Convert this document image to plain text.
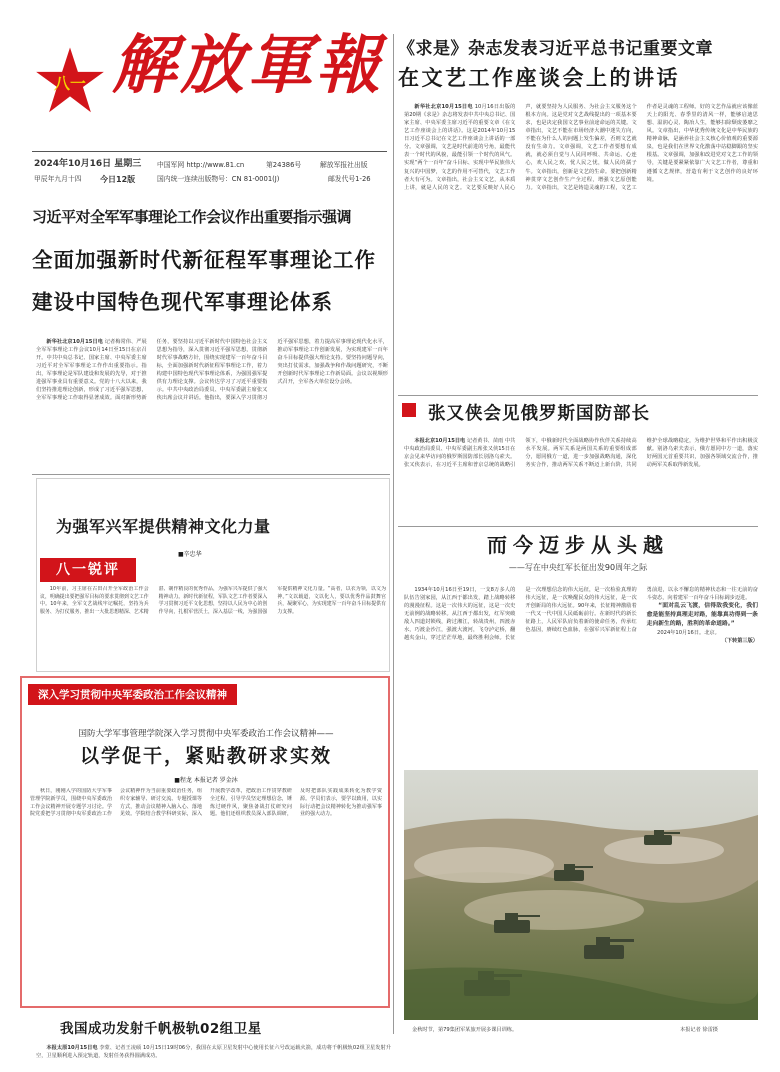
八一 解放軍報
2024年10月16日 星期三
甲辰年九月十四 今日12版
中国军网 http://www.81.cn	第24386号	解放军报社出版
国内统一连续出版物号：CN 81-0001(J)	邮发代号1-26
《求是》杂志发表习近平总书记重要文章
在文艺工作座谈会上的讲话
新华社北京10月15日电 10月16日出版的第20期《求是》杂志将发表中共中央总书记、国家主席、中央军委主席习近平的重要文章《在文艺工作座谈会上的讲话》。这是2014年10月15日习近平总书记在文艺工作座谈会上讲话的一部分。文章强调，文艺是时代前进的号角，最能代表一个时代的风貌，最能引领一个时代的风气。实现“两个一百年”奋斗目标、实现中华民族伟大复兴的中国梦，文艺的作用不可替代，文艺工作者大有可为。文章指出，社会主义文艺，从本质上讲，就是人民的文艺。文艺要反映好人民心声，就要坚持为人民服务、为社会主义服务这个根本方向。这是党对文艺战线提出的一项基本要求，也是决定我国文艺事业前途命运的关键。文章指出，文艺不能在市场经济大潮中迷失方向，不能在为什么人的问题上发生偏差，否则文艺就没有生命力。文章强调，文艺工作者要想有成就，就必须自觉与人民同呼吸、共命运、心连心，欢人民之欢，忧人民之忧，做人民的孺子牛。文章指出，创新是文艺的生命。要把创新精神贯穿文艺创作生产全过程，增强文艺原创能力。文章指出，文艺是铸造灵魂的工程，文艺工作者是灵魂的工程师。好的文艺作品就应该像蓝天上的阳光、春季里的清风一样，能够启迪思想、温润心灵、陶冶人生，能够扫除颓废萎靡之风。文章指出，中华优秀传统文化是中华民族的精神命脉，是涵养社会主义核心价值观的重要源泉，也是我们在世界文化激荡中站稳脚跟的坚实根基。文章强调，加强和改进党对文艺工作的领导，关键是要紧紧依靠广大文艺工作者，尊重和遵循文艺规律，营造有利于文艺创作的良好环境。
习近平对全军军事理论工作会议作出重要指示强调
全面加强新时代新征程军事理论工作
建设中国特色现代军事理论体系
新华社北京10月15日电 记者梅常伟、严展 全军军事理论工作会议10月14日至15日在京召开。中共中央总书记、国家主席、中央军委主席习近平对全军军事理论工作作出重要指示。指出，军事理论是军队建设和发展的先导，对于推进强军事业具有重要意义。党的十八大以来，我们坚持推进理论创新，形成了习近平强军思想，全军军事理论工作取得显著成效。面对新形势新任务，要坚持以习近平新时代中国特色社会主义思想为指导，深入贯彻习近平强军思想，贯彻新时代军事战略方针，围绕实现建军一百年奋斗目标，全面加强新时代新征程军事理论工作，着力构建中国特色现代军事理论体系，为强国强军提供有力理论支撑。会议传达学习了习近平重要指示。中共中央政治局委员、中央军委副主席张又侠出席会议并讲话。他指出，要深入学习贯彻习近平强军思想，着力提高军事理论现代化水平，推动军事理论工作创新发展，为实现建军一百年奋斗目标提供强大理论支持。要坚持问题导向，突出打仗需求，加强战争和作战问题研究，不断开创新时代军事理论工作新局面。会议以视频形式召开，全军各大单位设分会场。
张又侠会见俄罗斯国防部长
本报北京10月15日电 记者黄书、苗雨 中共中央政治局委员、中央军委副主席张又侠15日在京会见来华访问的俄罗斯国防部长别洛乌索夫。张又侠表示，在习近平主席和普京总统的战略引领下，中俄新时代全面战略协作伙伴关系持续高水平发展。两军关系是两国关系的重要组成部分，愿同俄方一道，进一步加强战略沟通，深化务实合作，推动两军关系不断迈上新台阶，共同维护全球战略稳定，为维护世界和平作出积极贡献。别洛乌索夫表示，俄方愿同中方一道，落实好两国元首重要共识，加强各领域交流合作，推动两军关系取得新发展。
为强军兴军提供精神文化力量
■辛忠华
八一锐评
10年前，习主席在古田召开全军政治工作会议，明确提出要把强军目标的要求贯彻到文艺工作中。10年来，全军文艺战线牢记嘱托，坚持为兵服务、为打仗服务，推出一大批思想精深、艺术精湛、制作精良的优秀作品，为强军兴军提供了强大精神动力。新时代新征程，军队文艺工作者要深入学习贯彻习近平文化思想，坚持以人民为中心的创作导向，扎根军营沃土，深入基层一线，为强国强军提供精神文化力量。“高者，以衣为领，以文为神。”文以载道，文以化人，要以优秀作品鼓舞官兵，凝聚军心，为实现建军一百年奋斗目标提供有力支撑。
深入学习贯彻中央军委政治工作会议精神
国防大学军事管理学院深入学习贯彻中央军委政治工作会议精神——
以学促干，紧贴教研求实效
■程龙 本报记者 罗金沐
秋日，刚刚入学的国防大学军事管理学院新学员，围绕中央军委政治工作会议精神开展专题学习讨论。学院党委把学习贯彻中央军委政治工作会议精神作为当前重要政治任务，组织专家辅导、研讨交流、专题授课等方式，推动会议精神入脑入心、落地见效。学院结合教学科研实际，深入开展教学改革，把政治工作贯穿教研全过程，引导学员坚定理想信念，锤炼过硬作风，聚焦备战打仗研究问题。他们还组织教员深入部队调研，及时把部队实践成果转化为教学资源。学员们表示，要学以致用，以实际行动把会议精神转化为推动强军事业的强大动力。
我国成功发射千帆极轨02组卫星
本报太原10月15日电 李蒙、记者王凌硕 10月15日19时06分，我国在太原卫星发射中心使用长征六号改运载火箭，成功将千帆极轨02组卫星发射升空，卫星顺利进入预定轨道，发射任务获得圆满成功。
而今迈步从头越
——写在中央红军长征出发90周年之际
1934年10月16日至19日，一支8万多人的队伍告别家园，从江西于都出发，踏上战略转移的漫漫征程。这是一次伟大的远征，这是一次史无前例的战略转移。从江西于都出发，红军突破敌人四道封锁线，跨过湘江，转战贵州，四渡赤水，巧渡金沙江，强渡大渡河，飞夺泸定桥，翻越夹金山，穿过茫茫草地，最终胜利会师。长征是一次理想信念的伟大远征，是一次检验真理的伟大远征，是一次唤醒民众的伟大远征，是一次开创新局的伟大远征。90年来，长征精神激励着一代又一代中国人民砥砺前行。在新时代的新长征路上，人民军队肩负着新的使命任务，传承红色基因，赓续红色血脉，在强军兴军新征程上奋勇前进，以永不懈怠的精神状态和一往无前的奋斗姿态，向着建军一百年奋斗目标阔步迈进。
“面对乱云飞渡，信得敌我变化，我们愈是能坚持真理走对路，能靠真功得到一条走向新生的路，胜利的革命道路。”
2024年10月16日。北京。
（下转第三版）
金秋时节，第79集团军某旅开展多课目训练。	本报记者 徐雷摄
